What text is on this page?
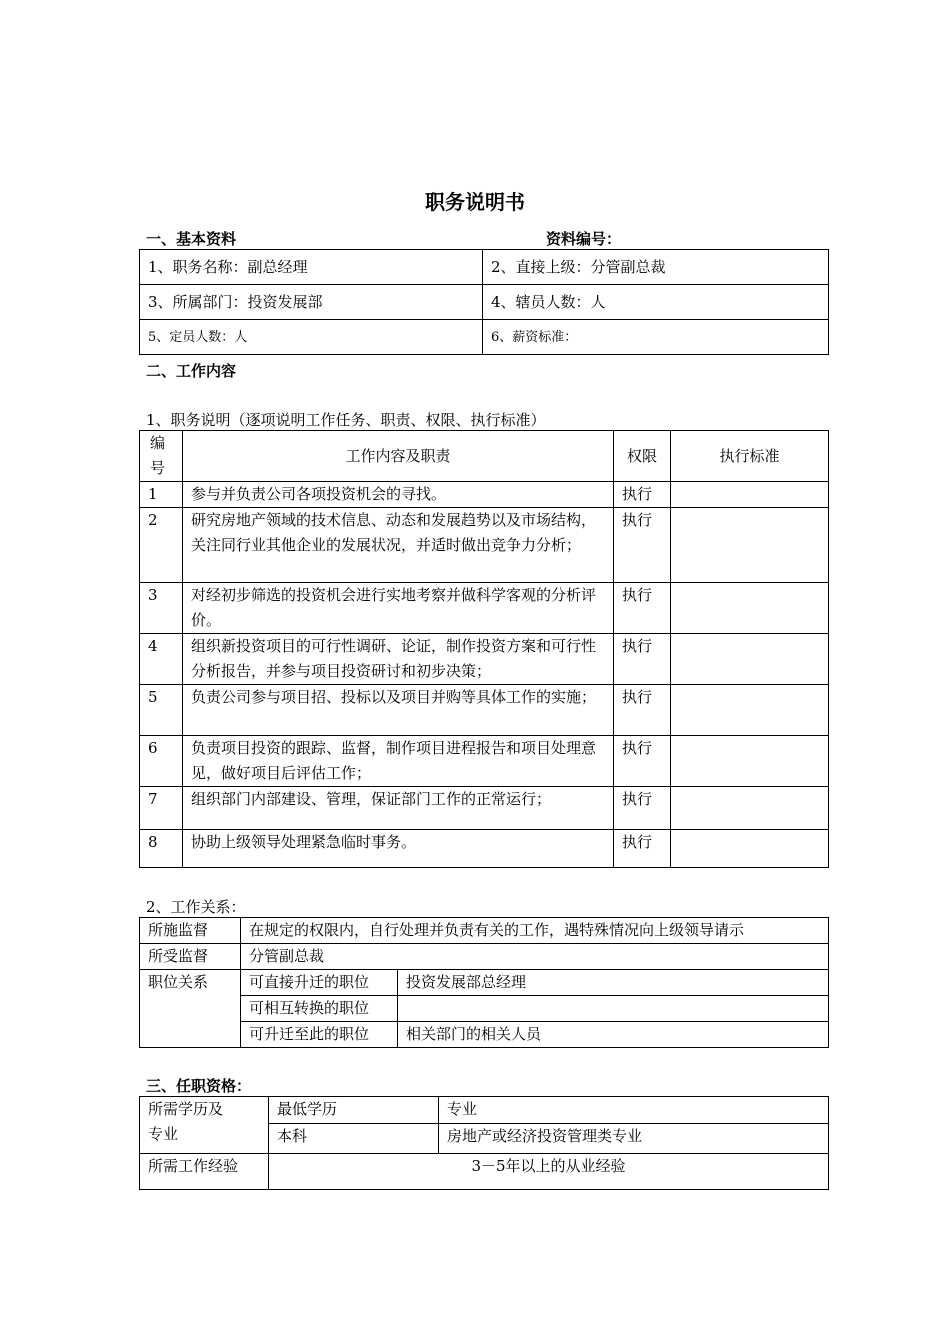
职务说明书
一、基本资料	资料编号：
1、职务名称：副总经理	2、直接上级：分管副总裁
3、所属部门：投资发展部	4、辖员人数：人
5、定员人数：人	6、薪资标准：
二、工作内容
1、职务说明（逐项说明工作任务、职责、权限、执行标准）
编
号	工作内容及职责	权限	执行标准
1	参与并负责公司各项投资机会的寻找。	执行	
2	研究房地产领域的技术信息、动态和发展趋势以及市场结构，关注同行业其他企业的发展状况，并适时做出竞争力分析；	执行	
3	对经初步筛选的投资机会进行实地考察并做科学客观的分析评价。	执行	
4	组织新投资项目的可行性调研、论证，制作投资方案和可行性分析报告，并参与项目投资研讨和初步决策；	执行	
5	负责公司参与项目招、投标以及项目并购等具体工作的实施；	执行	
6	负责项目投资的跟踪、监督，制作项目进程报告和项目处理意见，做好项目后评估工作；	执行	
7	组织部门内部建设、管理，保证部门工作的正常运行；	执行	
8	协助上级领导处理紧急临时事务。	执行	
2、工作关系：
所施监督	在规定的权限内，自行处理并负责有关的工作，遇特殊情况向上级领导请示	
所受监督	分管副总裁	
职位关系	可直接升迁的职位	投资发展部总经理
	可相互转换的职位	
	可升迁至此的职位	相关部门的相关人员
三、任职资格：
所需学历及
专业	最低学历	专业
	本科	房地产或经济投资管理类专业
所需工作经验	3－5年以上的从业经验	
